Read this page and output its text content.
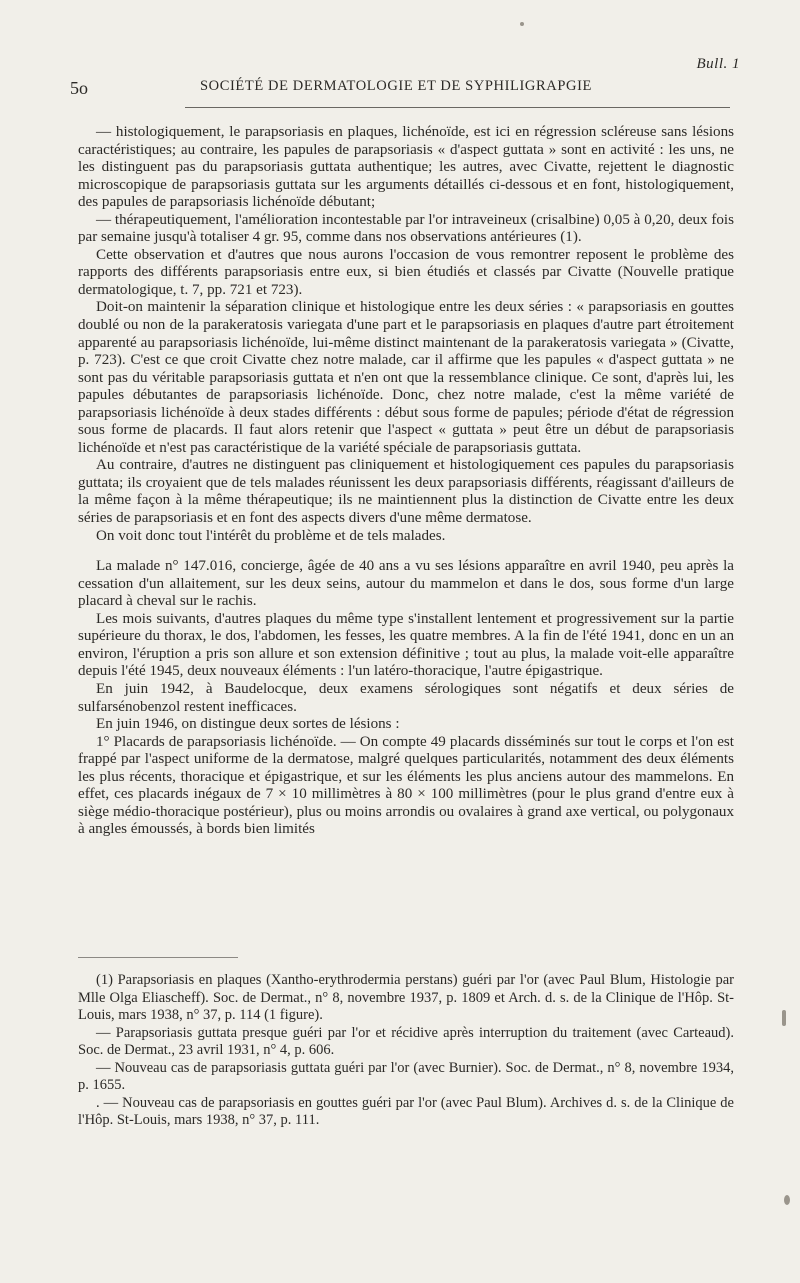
Bull. 1
5o	SOCIÉTÉ DE DERMATOLOGIE ET DE SYPHILIGRAPGIE

— histologiquement, le parapsoriasis en plaques, lichénoïde, est ici en régression scléreuse sans lésions caractéristiques; au contraire, les papules de parapsoriasis « d'aspect guttata » sont en activité : les uns, ne les distinguent pas du parapsoriasis guttata authentique; les autres, avec Civatte, rejettent le diagnostic microscopique de parapsoriasis guttata sur les arguments détaillés ci-dessous et en font, histologiquement, des papules de parapsoriasis lichénoïde débutant;

— thérapeutiquement, l'amélioration incontestable par l'or intraveineux (crisalbine) 0,05 à 0,20, deux fois par semaine jusqu'à totaliser 4 gr. 95, comme dans nos observations antérieures (1).

Cette observation et d'autres que nous aurons l'occasion de vous remontrer reposent le problème des rapports des différents parapsoriasis entre eux, si bien étudiés et classés par Civatte (Nouvelle pratique dermatologique, t. 7, pp. 721 et 723).

Doit-on maintenir la séparation clinique et histologique entre les deux séries : « parapsoriasis en gouttes doublé ou non de la parakeratosis variegata d'une part et le parapsoriasis en plaques d'autre part étroitement apparenté au parapsoriasis lichénoïde, lui-même distinct maintenant de la parakeratosis variegata » (Civatte, p. 723). C'est ce que croit Civatte chez notre malade, car il affirme que les papules « d'aspect guttata » ne sont pas du véritable parapsoriasis guttata et n'en ont que la ressemblance clinique. Ce sont, d'après lui, les papules débutantes de parapsoriasis lichénoïde. Donc, chez notre malade, c'est la même variété de parapsoriasis lichénoïde à deux stades différents : début sous forme de papules; période d'état de régression sous forme de placards. Il faut alors retenir que l'aspect « guttata » peut être un début de parapsoriasis lichénoïde et n'est pas caractéristique de la variété spéciale de parapsoriasis guttata.

Au contraire, d'autres ne distinguent pas cliniquement et histologiquement ces papules du parapsoriasis guttata; ils croyaient que de tels malades réunissent les deux parapsoriasis différents, réagissant d'ailleurs de la même façon à la même thérapeutique; ils ne maintiennent plus la distinction de Civatte entre les deux séries de parapsoriasis et en font des aspects divers d'une même dermatose.

On voit donc tout l'intérêt du problème et de tels malades.

La malade n° 147.016, concierge, âgée de 40 ans a vu ses lésions apparaître en avril 1940, peu après la cessation d'un allaitement, sur les deux seins, autour du mammelon et dans le dos, sous forme d'un large placard à cheval sur le rachis.

Les mois suivants, d'autres plaques du même type s'installent lentement et progressivement sur la partie supérieure du thorax, le dos, l'abdomen, les fesses, les quatre membres. A la fin de l'été 1941, donc en un an environ, l'éruption a pris son allure et son extension définitive ; tout au plus, la malade voit-elle apparaître depuis l'été 1945, deux nouveaux éléments : l'un latéro-thoracique, l'autre épigastrique.

En juin 1942, à Baudelocque, deux examens sérologiques sont négatifs et deux séries de sulfarsénobenzol restent inefficaces.

En juin 1946, on distingue deux sortes de lésions :

1° Placards de parapsoriasis lichénoïde. — On compte 49 placards disséminés sur tout le corps et l'on est frappé par l'aspect uniforme de la dermatose, malgré quelques particularités, notamment des deux éléments les plus récents, thoracique et épigastrique, et sur les éléments les plus anciens autour des mammelons. En effet, ces placards inégaux de 7 × 10 millimètres à 80 × 100 millimètres (pour le plus grand d'entre eux à siège médio-thoracique postérieur), plus ou moins arrondis ou ovalaires à grand axe vertical, ou polygonaux à angles émoussés, à bords bien limités

(1) Parapsoriasis en plaques (Xantho-erythrodermia perstans) guéri par l'or (avec Paul Blum, Histologie par Mlle Olga Eliascheff). Soc. de Dermat., n° 8, novembre 1937, p. 1809 et Arch. d. s. de la Clinique de l'Hôp. St-Louis, mars 1938, n° 37, p. 114 (1 figure).

— Parapsoriasis guttata presque guéri par l'or et récidive après interruption du traitement (avec Carteaud). Soc. de Dermat., 23 avril 1931, n° 4, p. 606.

— Nouveau cas de parapsoriasis guttata guéri par l'or (avec Burnier). Soc. de Dermat., n° 8, novembre 1934, p. 1655.

. — Nouveau cas de parapsoriasis en gouttes guéri par l'or (avec Paul Blum). Archives d. s. de la Clinique de l'Hôp. St-Louis, mars 1938, n° 37, p. 111.
